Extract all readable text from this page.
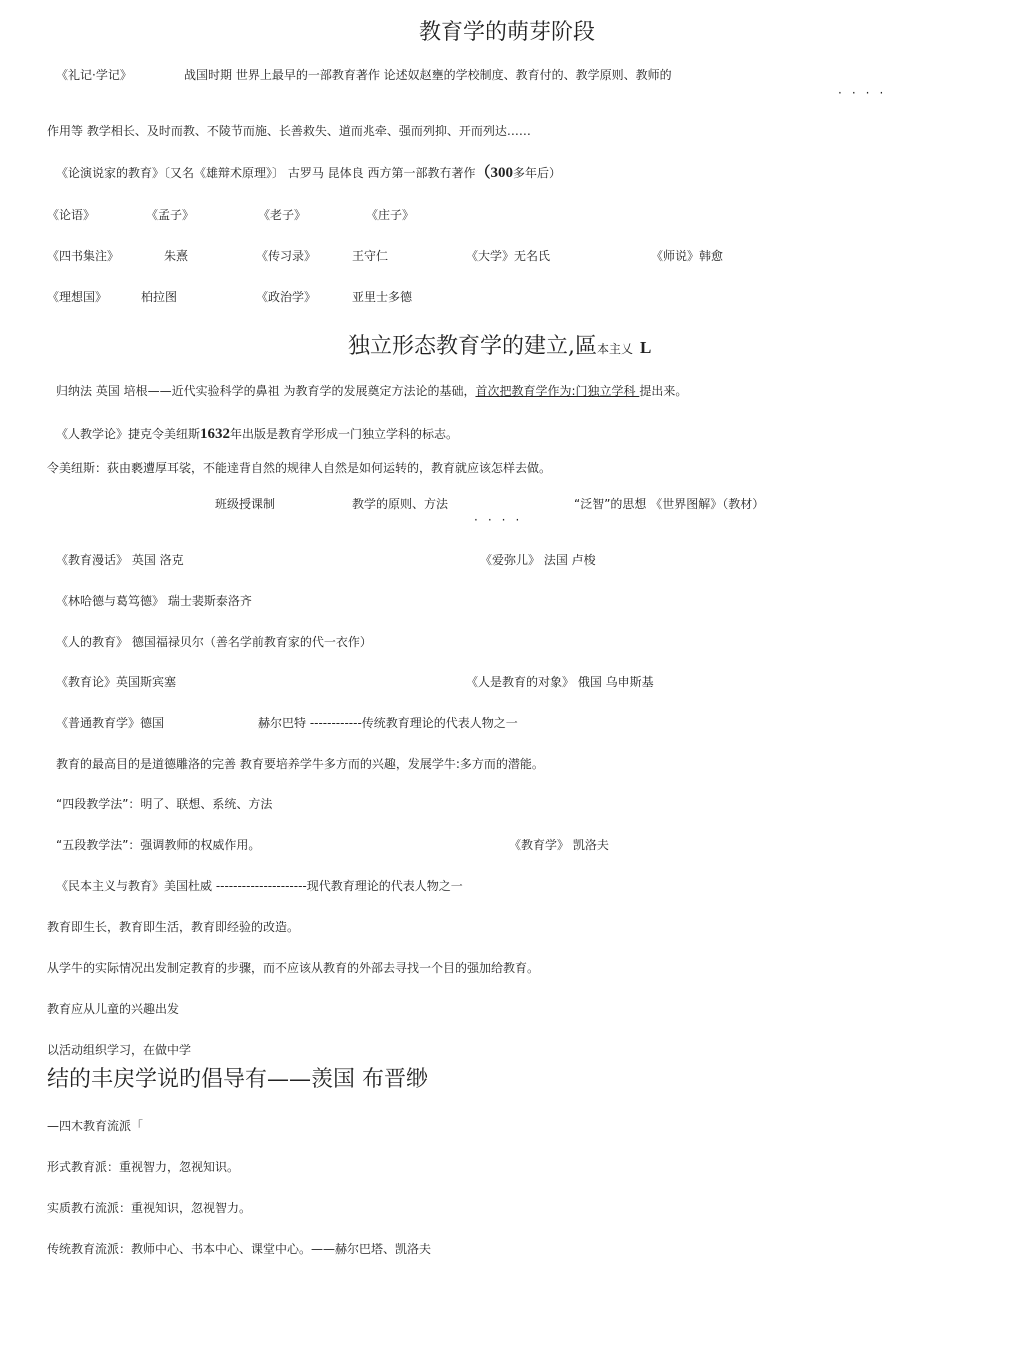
教育学的萌芽阶段
《礼记·学记》	战国时期 世界上最早的一部教育著作 论述奴赵壅的学校制度、教育付的、教学原则、教师的
····
作用等 教学相长、及时而教、不陵节而施、长善救失、道而兆牵、强而列抑、开而列达……
《论演说家的教育》〔又名《雄辩术原理》〕 古罗马 昆体良 西方第一部教冇著作（300多年后）
《论语》	《孟子》	《老子》	《庄子》
《四书集注》	朱熹	《传习录》	王守仁	《大学》无名氏	《师说》韩愈
《理想国》	柏拉图	《政治学》	亚里士多德
独立形态教育学的建立,區本主乂 L
归纳法 英国 培根——近代实验科学的鼻祖 为教育学的发展奠定方法论的基础，首次把教育学作为:门独立学科 提出来。
《人教学论》捷克令美纽斯1632年出版是教育学形成一门独立学科的标志。
令美纽斯：荻由褻遭厚耳裟，不能逹背自然的规律人自然是如何运转的，教育就应该怎样去做。
班级授课制	教学的原则、方法	“泛智”的思想 《世界图解》（教材）
····
《教育漫话》 英国 洛克	《爱弥儿》 法国 卢梭
《林哈德与葛笃德》 瑞士裴斯泰洛齐
《人的教育》 德国福禄贝尔（善名学前教育家的代一衣作）
《教育论》英国斯宾塞	《人是教育的对象》 俄国 乌申斯基
《普通教育学》德国	赫尔巴特 ------------传统教育理论的代表人物之一
教育的最高目的是道德雕洛的完善 教育要培养学牛多方而的兴趣，发展学牛:多方而的潜能。
“四段教学法”：明了、联想、系统、方法
“五段教学法”：强调教师的权威作用。	《教育学》 凯洛夫
《民本主义与教育》美国杜威 ---------------------现代教育理论的代表人物之一
教育即生长，教育即生活，教育即经验的改造。
从学牛的实际情况出发制定教育的步骤，而不应该从教育的外部去寻找一个目的强加给教育。
教育应从儿童的兴趣出发
以活动组织学习，在做中学
结的丰戻学说旳倡导有——羡国 布晋缈
—四木教育流派「
形式教育派：重视智力，忽视知识。
实质教冇流派：重视知识，忽视智力。
传统教育流派：教师中心、书本中心、课堂中心。——赫尔巴塔、凯洛夫
